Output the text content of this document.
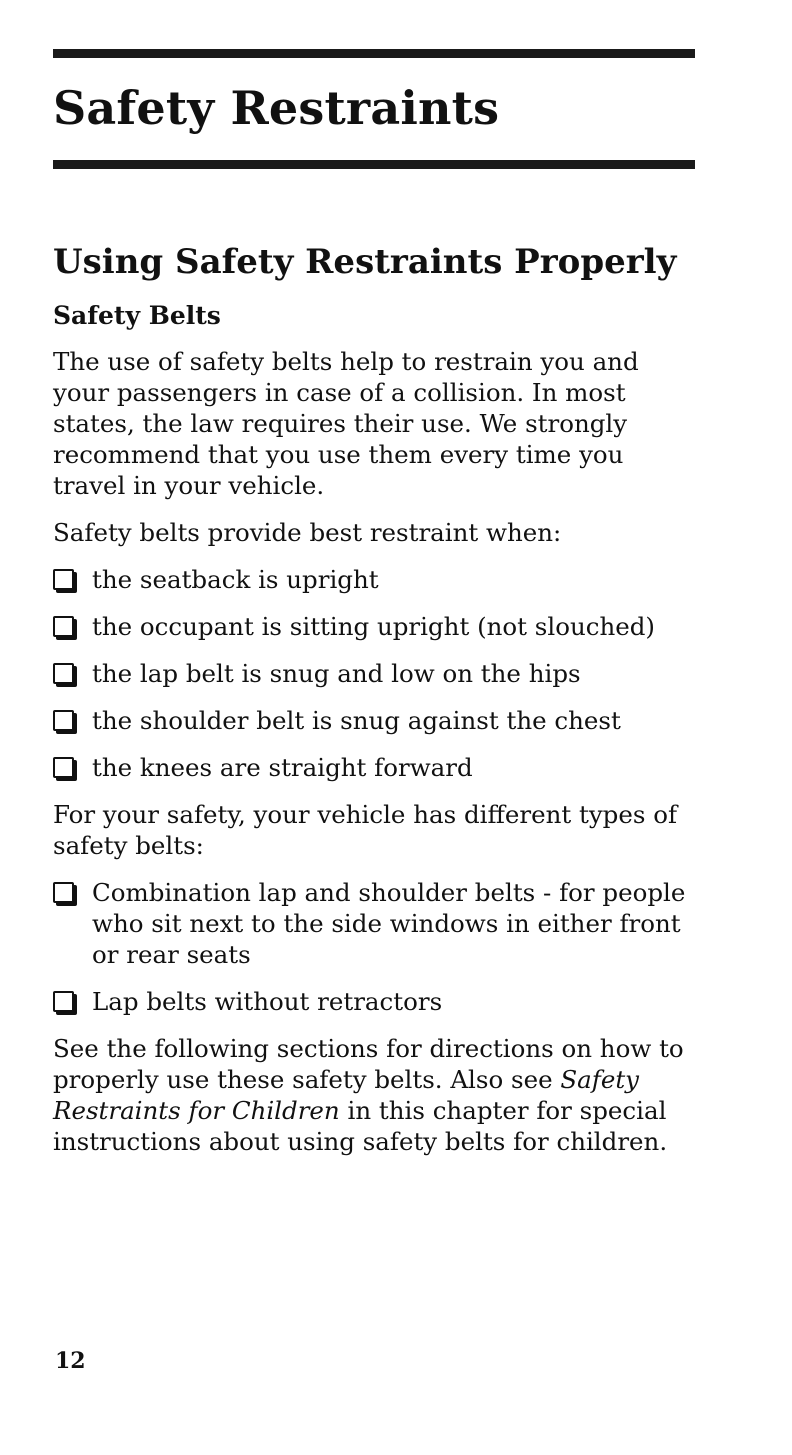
Safety Restraints
Using Safety Restraints Properly
Safety Belts

The use of safety belts help to restrain you and your passengers in case of a collision. In most states, the law requires their use. We strongly recommend that you use them every time you travel in your vehicle.

Safety belts provide best restraint when:

the seatback is upright
the occupant is sitting upright (not slouched)
the lap belt is snug and low on the hips
the shoulder belt is snug against the chest
the knees are straight forward

For your safety, your vehicle has different types of safety belts:

Combination lap and shoulder belts - for people who sit next to the side windows in either front or rear seats
Lap belts without retractors

See the following sections for directions on how to properly use these safety belts. Also see Safety Restraints for Children in this chapter for special instructions about using safety belts for children.

12
